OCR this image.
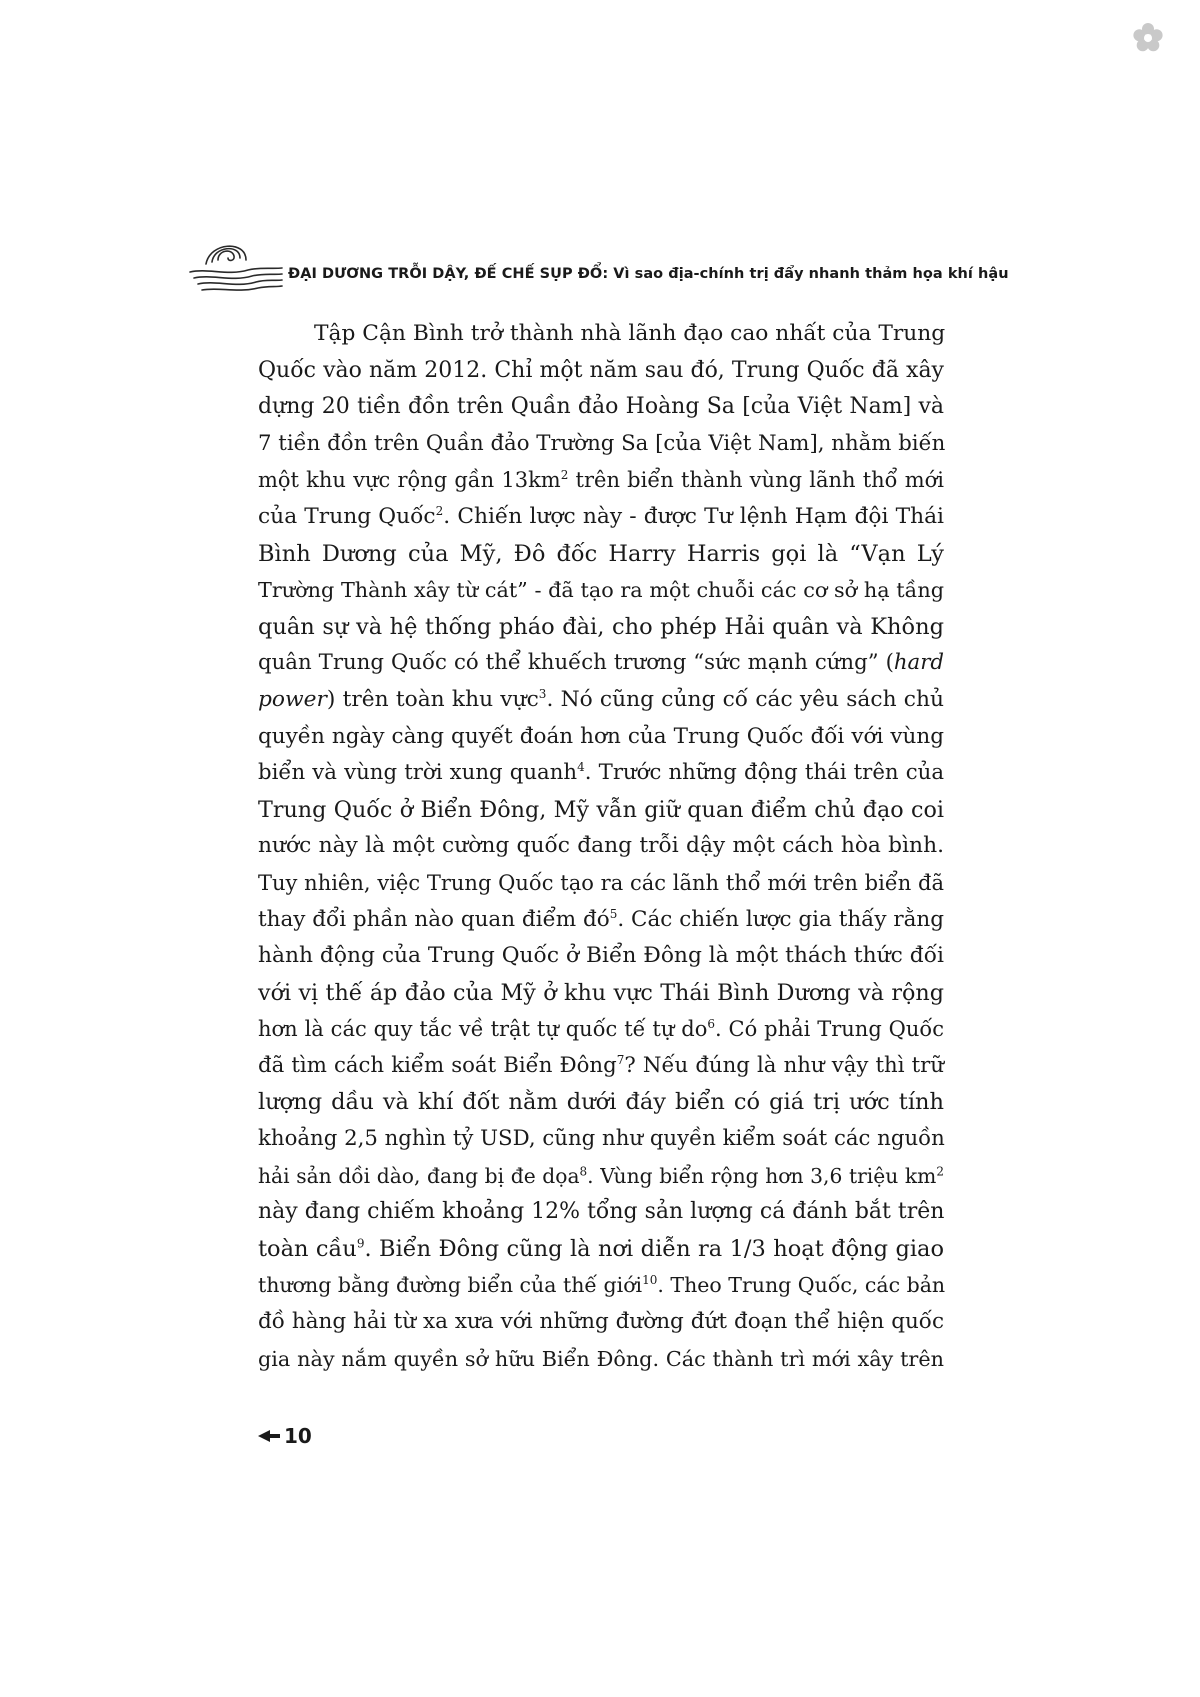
ĐẠI DƯƠNG TRỖI DẬY, ĐẾ CHẾ SỤP ĐỔ: Vì sao địa-chính trị đẩy nhanh thảm họa khí hậu
Tập Cận Bình trở thành nhà lãnh đạo cao nhất của Trung
Quốc vào năm 2012. Chỉ một năm sau đó, Trung Quốc đã xây
dựng 20 tiền đồn trên Quần đảo Hoàng Sa [của Việt Nam] và
7 tiền đồn trên Quần đảo Trường Sa [của Việt Nam], nhằm biến
một khu vực rộng gần $13km^2$ trên biển thành vùng lãnh thổ mới
của Trung Quốc$^2$. Chiến lược này - được Tư lệnh Hạm đội Thái
Bình Dương của Mỹ, Đô đốc Harry Harris gọi là “Vạn Lý
Trường Thành xây từ cát” - đã tạo ra một chuỗi các cơ sở hạ tầng
quân sự và hệ thống pháo đài, cho phép Hải quân và Không
quân Trung Quốc có thể khuếch trương “sức mạnh cứng” (hard
power) trên toàn khu vực$^3$. Nó cũng củng cố các yêu sách chủ
quyền ngày càng quyết đoán hơn của Trung Quốc đối với vùng
biển và vùng trời xung quanh$^4$. Trước những động thái trên của
Trung Quốc ở Biển Đông, Mỹ vẫn giữ quan điểm chủ đạo coi
nước này là một cường quốc đang trỗi dậy một cách hòa bình.
Tuy nhiên, việc Trung Quốc tạo ra các lãnh thổ mới trên biển đã
thay đổi phần nào quan điểm $đó^5$. Các chiến lược gia thấy rằng
hành động của Trung Quốc ở Biển Đông là một thách thức đối
với vị thế áp đảo của Mỹ ở khu vực Thái Bình Dương và rộng
hơn là các quy tắc về trật tự quốc tế tự $do^6$. Có phải Trung Quốc
đã tìm cách kiểm soát Biển Đông$^7$? Nếu đúng là như vậy thì trữ
lượng dầu và khí đốt nằm dưới đáy biển có giá trị ước tính
khoảng 2,5 nghìn tỷ USD, cũng như quyền kiểm soát các nguồn
hải sản dồi dào, đang bị đe dọa$^8$. Vùng biển rộng hơn 3,6 triệu $km^2$
này đang chiếm khoảng 12% tổng sản lượng cá đánh bắt trên
toàn cầu$^9$. Biển Đông cũng là nơi diễn ra 1/3 hoạt động giao
thương bằng đường biển của thế giới$^{10}$. Theo Trung Quốc, các bản
đồ hàng hải từ xa xưa với những đường đứt đoạn thể hiện quốc
gia này nắm quyền sở hữu Biển Đông. Các thành trì mới xây trên
10
